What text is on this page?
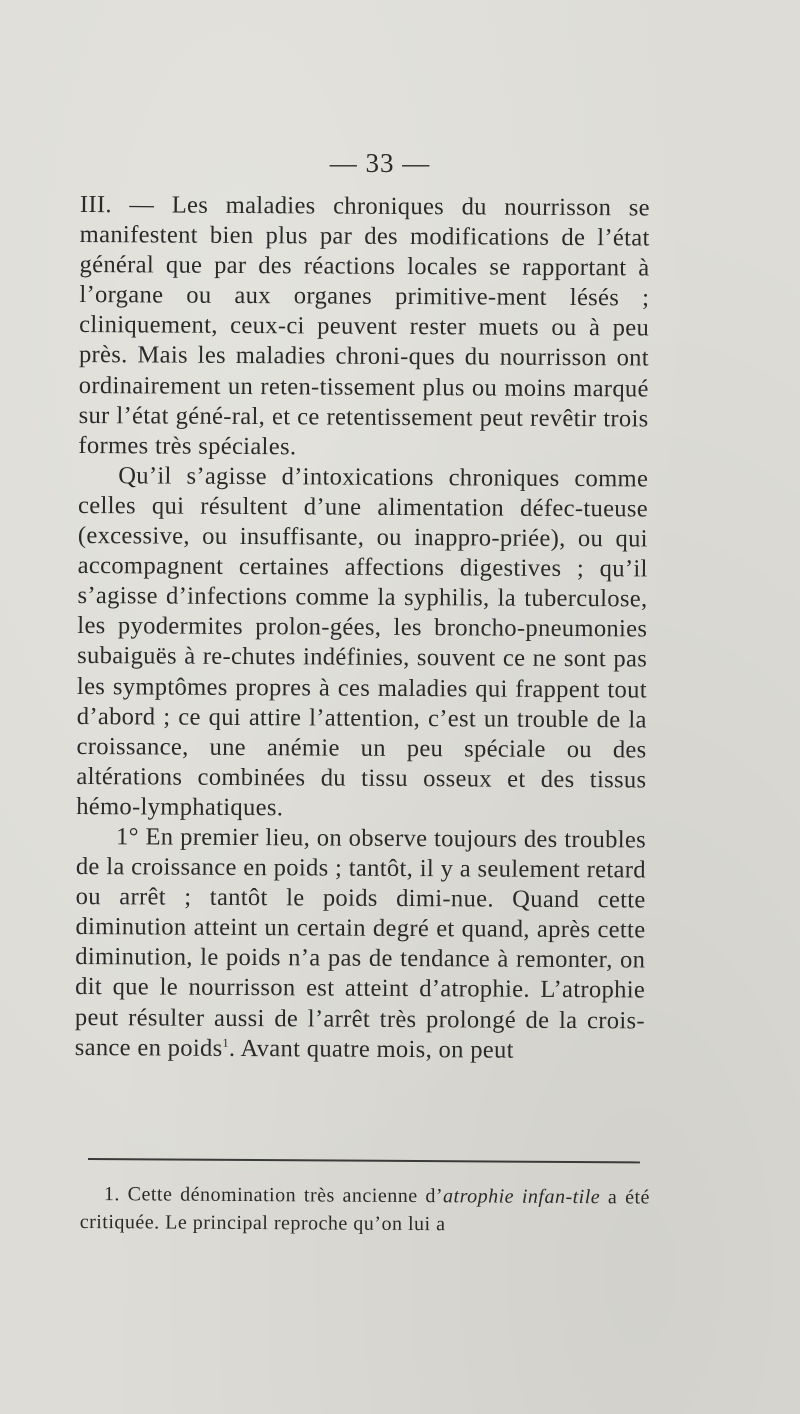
— 33 —

III. — Les maladies chroniques du nourrisson se manifestent bien plus par des modifications de l’état général que par des réactions locales se rapportant à l’organe ou aux organes primitive-ment lésés ; cliniquement, ceux-ci peuvent rester muets ou à peu près. Mais les maladies chroni-ques du nourrisson ont ordinairement un reten-tissement plus ou moins marqué sur l’état géné-ral, et ce retentissement peut revêtir trois formes très spéciales.

Qu’il s’agisse d’intoxications chroniques comme celles qui résultent d’une alimentation défec-tueuse (excessive, ou insuffisante, ou inappro-priée), ou qui accompagnent certaines affections digestives ; qu’il s’agisse d’infections comme la syphilis, la tuberculose, les pyodermites prolon-gées, les broncho-pneumonies subaiguës à re-chutes indéfinies, souvent ce ne sont pas les symptômes propres à ces maladies qui frappent tout d’abord ; ce qui attire l’attention, c’est un trouble de la croissance, une anémie un peu spéciale ou des altérations combinées du tissu osseux et des tissus hémo-lymphatiques.

1° En premier lieu, on observe toujours des troubles de la croissance en poids ; tantôt, il y a seulement retard ou arrêt ; tantôt le poids dimi-nue. Quand cette diminution atteint un certain degré et quand, après cette diminution, le poids n’a pas de tendance à remonter, on dit que le nourrisson est atteint d’atrophie. L’atrophie peut résulter aussi de l’arrêt très prolongé de la crois-sance en poids$^1$. Avant quatre mois, on peut

1. Cette dénomination très ancienne d’atrophie infan-tile a été critiquée. Le principal reproche qu’on lui a
